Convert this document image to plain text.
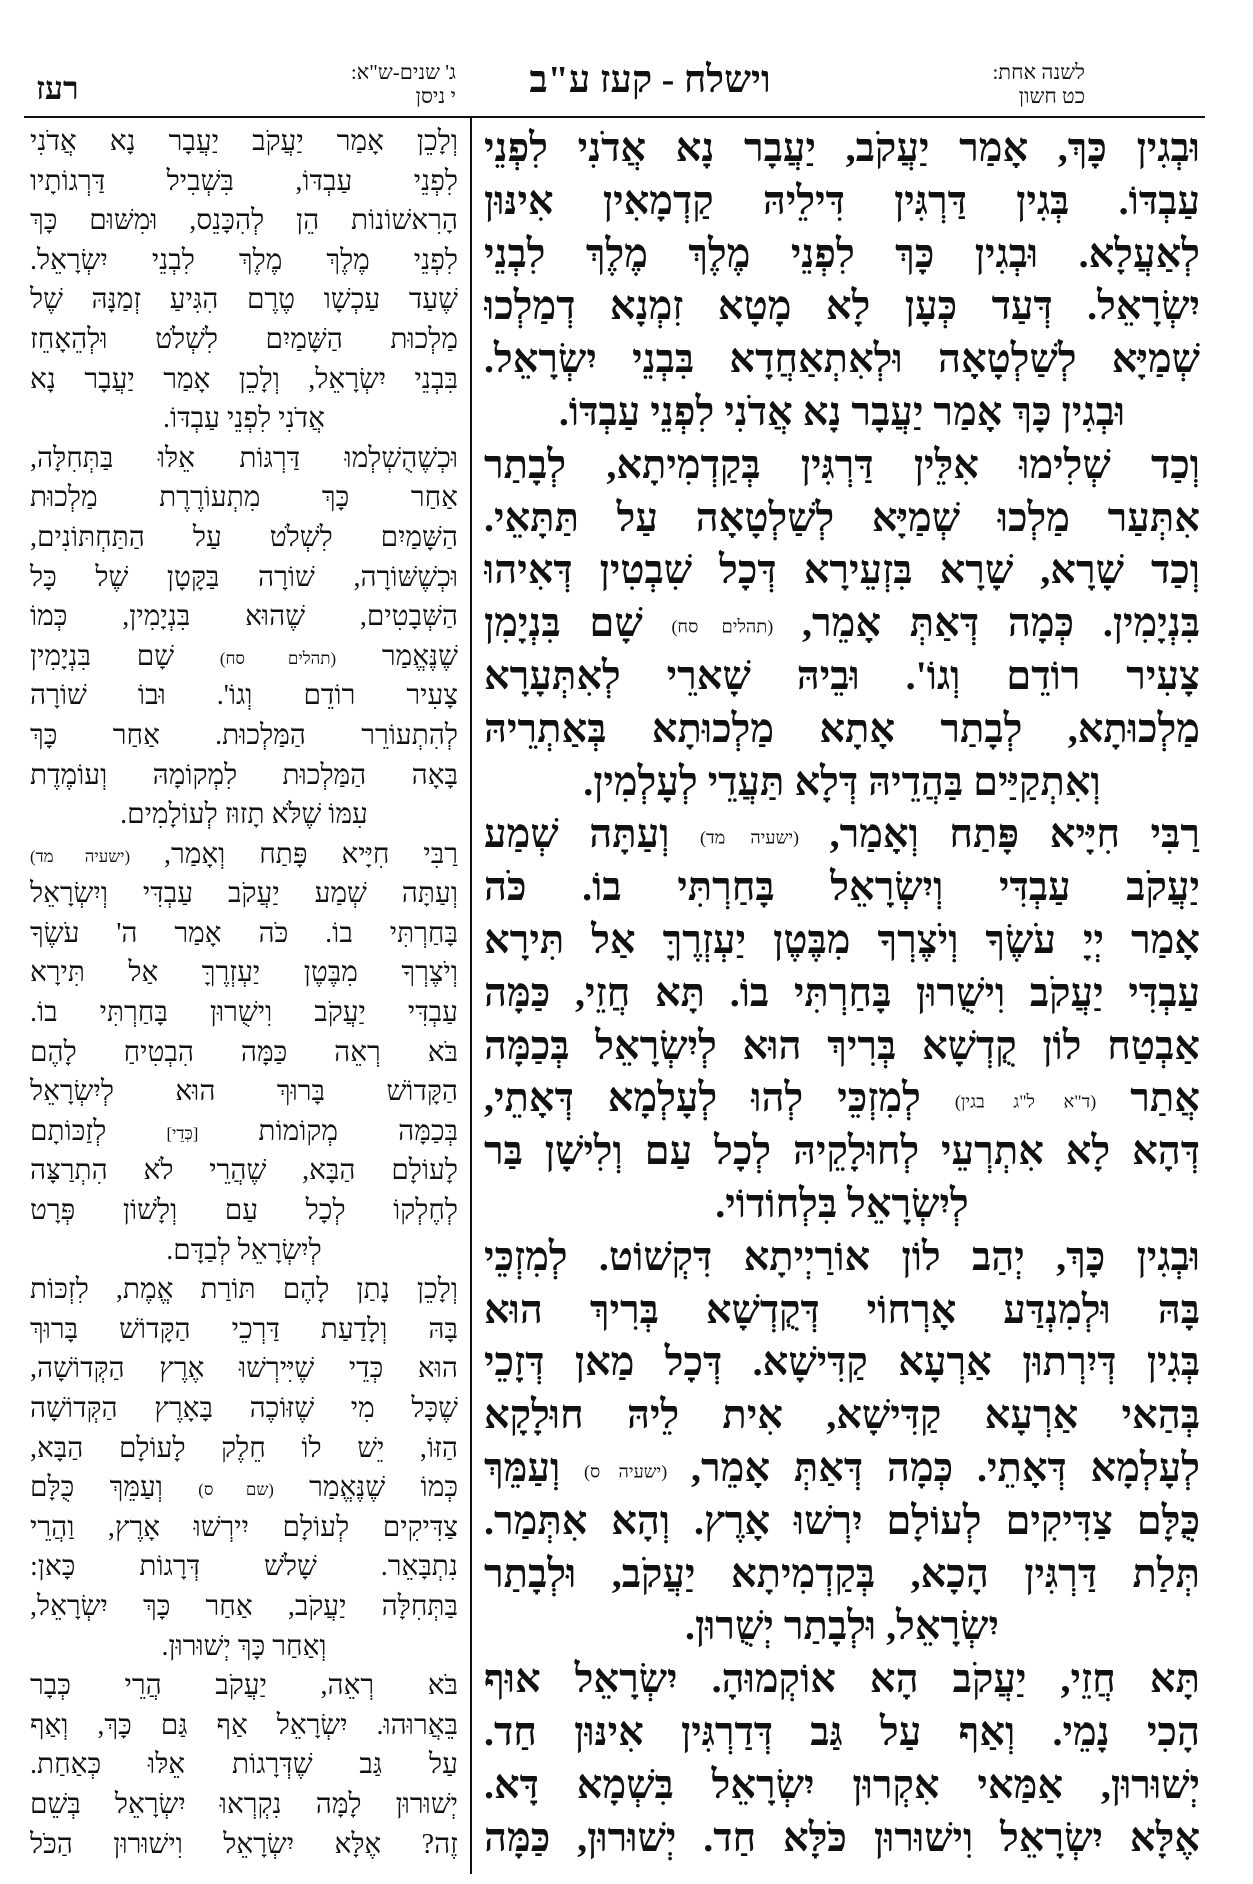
רעז	ג' שנים-ש"א:
י ניסן	וישלח - קעז ע"ב	לשנה אחת:
כט חשון
וְלָכֵן אָמַר יַעֲקֹב יַעֲבָר נָא אֲדֹנִי
לִפְנֵי עַבְדּוֹ, בִּשְׁבִיל דַּרְגוֹתָיו
הָרִאשׁוֹנוֹת הֵן לְהִכָּנֵס, וּמִשּׁוּם כָּךְ
לִפְנֵי מֶלֶךְ מֶלֶךְ לִבְנֵי יִשְׂרָאֵל.
שֶׁעַד עַכְשָׁו טֶרֶם הִגִּיעַ זְמַנָּהּ שֶׁל
מַלְכוּת הַשָּׁמַיִם לִשְׁלֹט וּלְהֵאָחֵז
בִּבְנֵי יִשְׂרָאֵל, וְלָכֵן אָמַר יַעֲבָר נָא
אֲדֹנִי לִפְנֵי עַבְדּוֹ.
וּכְשֶׁהֻשְׁלְמוּ דַּרְגּוֹת אֵלּוּ בַּתְּחִלָּה,
אַחַר כָּךְ מִתְעוֹרֶרֶת מַלְכוּת
הַשָּׁמַיִם לִשְׁלֹט עַל הַתַּחְתּוֹנִים,
וּכְשֶׁשּׁוֹרָה, שׁוֹרָה בַּקָּטָן שֶׁל כָּל
הַשְּׁבָטִים, שֶׁהוּא בִּנְיָמִין, כְּמוֹ
שֶׁנֶּאֱמַר (תהלים סח) שָׁם בִּנְיָמִין
צָעִיר רוֹדֵם וְגוֹ'. וּבוֹ שׁוֹרָה
לְהִתְעוֹרֵר הַמַּלְכוּת. אַחַר כָּךְ
בָּאָה הַמַּלְכוּת לִמְקוֹמָהּ וְעוֹמֶדֶת
עִמּוֹ שֶׁלֹּא תָזוּז לְעוֹלָמִים.
רַבִּי חִיָּיא פָּתַח וְאָמַר, (ישעיה מד)
וְעַתָּה שְׁמַע יַעֲקֹב עַבְדִּי וְיִשְׂרָאֵל
בָּחַרְתִּי בוֹ. כֹּה אָמַר ה' עֹשֶׂךָ
וְיֹצֶרְךָ מִבֶּטֶן יַעְזְרֶךָּ אַל תִּירָא
עַבְדִּי יַעֲקֹב וִישֻׁרוּן בָּחַרְתִּי בוֹ.
בֹּא רְאֵה כַּמָּה הִבְטִיחַ לָהֶם
הַקָּדוֹשׁ בָּרוּךְ הוּא לְיִשְׂרָאֵל
בְּכַמָּה מְקוֹמוֹת [כְּדֵי] לְזַכּוֹתָם
לָעוֹלָם הַבָּא, שֶׁהֲרֵי לֹא הִתְרַצָּה
לְחֶלְקוֹ לְכָל עַם וְלָשׁוֹן פְּרָט
לְיִשְׂרָאֵל לְבַדָּם.
וְלָכֵן נָתַן לָהֶם תּוֹרַת אֱמֶת, לִזְכּוֹת
בָּהּ וְלָדַעַת דַּרְכֵי הַקָּדוֹשׁ בָּרוּךְ
הוּא כְּדֵי שֶׁיִּירְשׁוּ אֶרֶץ הַקְּדוֹשָׁה,
שֶׁכָּל מִי שֶׁזּוֹכֶה בָּאָרֶץ הַקְּדוֹשָׁה
הַזּוֹ, יֵשׁ לוֹ חֵלֶק לָעוֹלָם הַבָּא,
כְּמוֹ שֶׁנֶּאֱמַר (שם ס) וְעַמֵּךְ כֻּלָּם
צַדִּיקִים לְעוֹלָם יִירְשׁוּ אָרֶץ, וַהֲרֵי
נִתְבָּאֵר. שָׁלֹשׁ דְּרָגוֹת כָּאן:
בַּתְּחִלָּה יַעֲקֹב, אַחַר כָּךְ יִשְׂרָאֵל,
וְאַחַר כָּךְ יְשׁוּרוּן.
בֹּא רְאֵה, יַעֲקֹב הֲרֵי כְּבָר
בֵּאֲרוּהוּ. יִשְׂרָאֵל אַף גַּם כָּךְ, וְאַף
עַל גַּב שֶׁדְּרָגוֹת אֵלּוּ כְּאַחַת.
יְשׁוּרוּן לָמָּה נִקְרְאוּ יִשְׂרָאֵל בְּשֵׁם
זֶה? אֶלָּא יִשְׂרָאֵל וִישׁוּרוּן הַכֹּל
וּבְגִין כָּךְ, אָמַר יַעֲקֹב, יַעֲבָר נָא אֲדֹנִי לִפְנֵי
עַבְדּוֹ. בְּגִין דַּרְגִּין דִּילֵיהּ קַדְמָאִין אִינּוּן
לְאַעֲלָא. וּבְגִין כָּךְ לִפְנֵי מֶלֶךְ מֶלֶךְ לִבְנֵי
יִשְׂרָאֵל. דְּעַד כְּעָן לָא מָטָא זִמְנָא דְמַלְכוּ
שְׁמַיָּא לְשַׁלְטָאָה וּלְאִתְאַחֲדָא בִּבְנֵי יִשְׂרָאֵל.
וּבְגִין כָּךְ אָמַר יַעֲבָר נָא אֲדֹנִי לִפְנֵי עַבְדּוֹ.
וְכַד שְׁלִימוּ אִלֵּין דַּרְגִּין בְּקַדְמִיתָא, לְבָתַר
אִתְּעַר מַלְכוּ שְׁמַיָּא לְשַׁלְטָאָה עַל תַּתָּאֵי.
וְכַד שָׁרָא, שָׁרָא בִּזְעֵירָא דְּכָל שִׁבְטִין דְּאִיהוּ
בִּנְיָמִין. כְּמָה דְּאַתְּ אָמֵר, (תהלים סח) שָׁם בִּנְיָמִן
צָעִיר רוֹדֵם וְגוֹ'. וּבֵיהּ שָׁארֵי לְאִתְּעָרָא
מַלְכוּתָא, לְבָתַר אָתָא מַלְכוּתָא בְּאַתְרֵיהּ
וְאִתְקַיַּים בַּהֲדֵיהּ דְּלָא תַּעֲדֵי לְעָלְמִין.
רַבִּי חִיָּיא פָּתַח וְאָמַר, (ישעיה מד) וְעַתָּה שְׁמַע
יַעֲקֹב עַבְדִּי וְיִשְׂרָאֵל בָּחַרְתִּי בוֹ. כֹּה
אָמַר יְיָ עֹשֶׂךָ וְיֹצֶרְךָ מִבֶּטֶן יַעְזְרֶךָּ אַל תִּירָא
עַבְדִּי יַעֲקֹב וִישֻׁרוּן בָּחַרְתִּי בוֹ. תָּא חֲזֵי, כַּמָּה
אַבְטַח לוֹן קֻדְשָׁא בְּרִיךְ הוּא לְיִשְׂרָאֵל בְּכַמָּה
אֲתַר (ד"א ל"ג בגין) לְמִזְכֵּי לְהוּ לְעָלְמָא דְּאָתֵי,
דְּהָא לָא אִתְרְעֵי לְחוּלָקֵיהּ לְכָל עַם וְלִישָׁן בַּר
לְיִשְׂרָאֵל בִּלְחוֹדוֹי.
וּבְגִין כָּךְ, יְהַב לוֹן אוֹרַיְיתָא דִּקְשׁוֹט. לְמִזְכֵּי
בָּהּ וּלְמִנְדַּע אָרְחוֹי דְּקֻדְשָׁא בְּרִיךְ הוּא
בְּגִין דְּיִרְתוּן אַרְעָא קַדִּישָׁא. דְּכָל מַאן דְּזָכֵי
בְּהַאי אַרְעָא קַדִּישָׁא, אִית לֵיהּ חוּלָקָא
לְעָלְמָא דְּאָתֵי. כְּמָה דְּאַתְּ אָמֵר, (ישעיה ס) וְעַמֵּךְ
כֻּלָּם צַדִּיקִים לְעוֹלָם יִרְשׁוּ אָרֶץ. וְהָא אִתְּמַר.
תְּלַת דַּרְגִּין הָכָא, בְּקַדְמִיתָא יַעֲקֹב, וּלְבָתַר
יִשְׂרָאֵל, וּלְבָתַר יְשֻׁרוּן.
תָּא חֲזֵי, יַעֲקֹב הָא אוֹקְמוּהָ. יִשְׂרָאֵל אוּף
הָכִי נָמֵי. וְאַף עַל גַּב דְּדַרְגִּין אִינּוּן חַד.
יְשׁוּרוּן, אַמַּאי אִקְרוּן יִשְׂרָאֵל בִּשְׁמָא דָּא.
אֶלָּא יִשְׂרָאֵל וִישׁוּרוּן כֹּלָּא חַד. יְשׁוּרוּן, כַּמָּה
